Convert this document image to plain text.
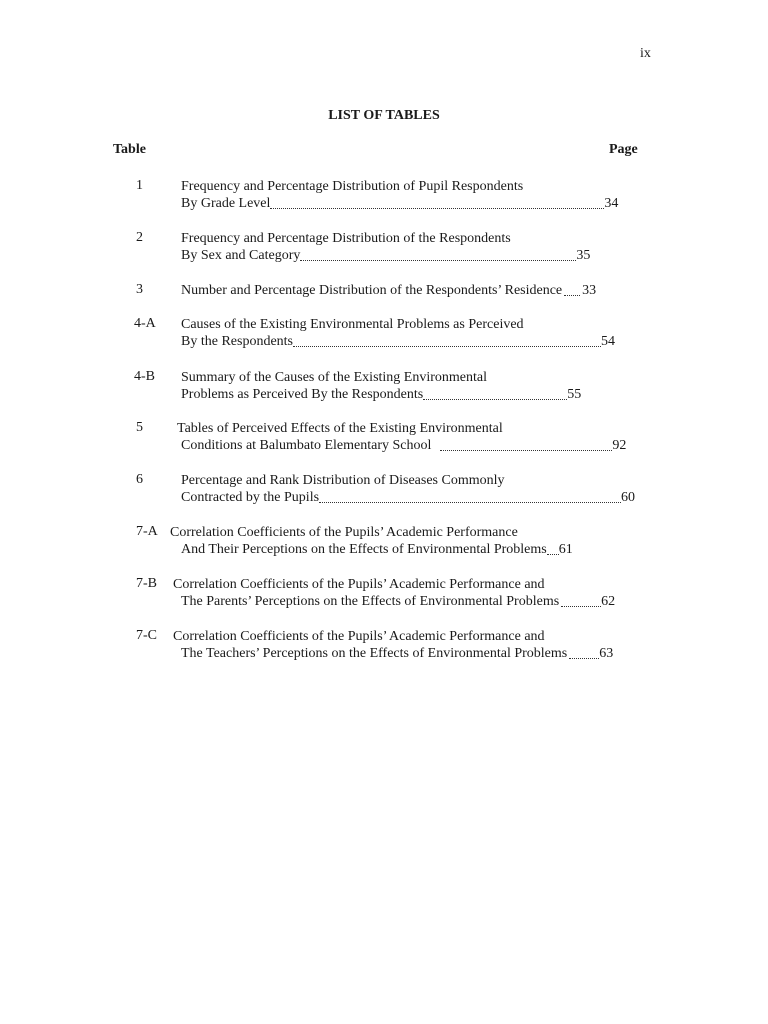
ix
LIST OF TABLES
Table	Page
1	Frequency and Percentage Distribution of Pupil Respondents
By Grade Level	34
2	Frequency and Percentage Distribution of the Respondents
By Sex and Category	35
3	Number and Percentage Distribution of the Respondents’ Residence 33
4-A Causes of the Existing Environmental Problems as Perceived
By the Respondents	54
4-B Summary of the Causes of the Existing Environmental
Problems as Perceived By the Respondents	55
5 Tables of Perceived Effects of the Existing Environmental
Conditions at Balumbato Elementary School	92
6	Percentage and Rank Distribution of Diseases Commonly
Contracted by the Pupils	60
7-A Correlation Coefficients of the Pupils’ Academic Performance
And Their Perceptions on the Effects of Environmental Problems 61
7-B Correlation Coefficients of the Pupils’ Academic Performance and
The Parents’ Perceptions on the Effects of Environmental Problems	62
7-C Correlation Coefficients of the Pupils’ Academic Performance and
The Teachers’ Perceptions on the Effects of Environmental Problems 63
